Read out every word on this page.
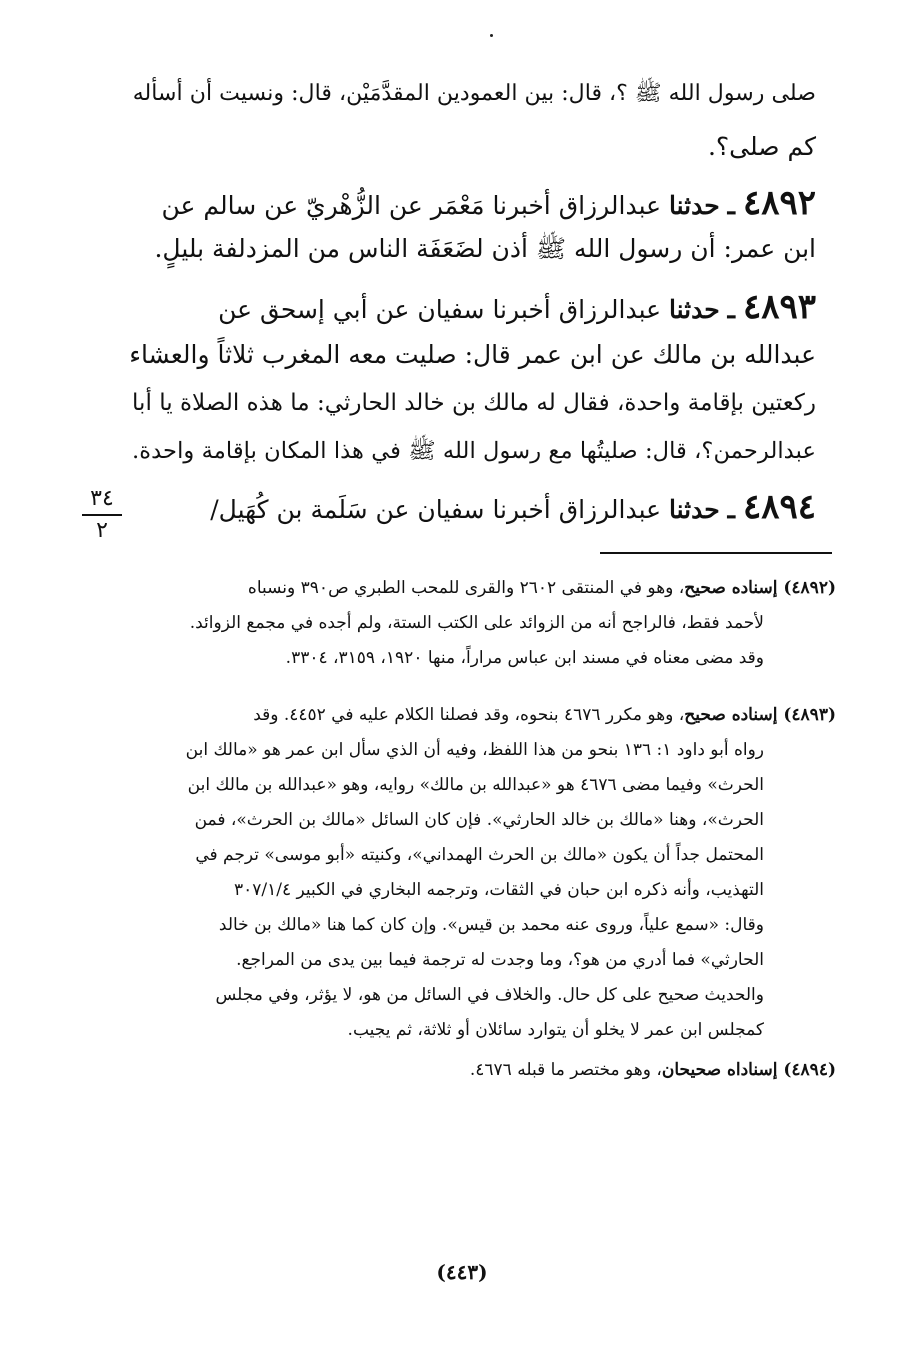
صلى رسول الله ﷺ ؟، قال: بين العمودين المقدَّمَيْن، قال: ونسيت أن أسأله
كم صلى؟.
٤٨٩٢ ـ حدثنا عبدالرزاق أخبرنا مَعْمَر عن الزُّهْريّ عن سالم عن
ابن عمر: أن رسول الله ﷺ أذن لضَعَفَة الناس من المزدلفة بليلٍ.
٤٨٩٣ ـ حدثنا عبدالرزاق أخبرنا سفيان عن أبي إسحق عن
عبدالله بن مالك عن ابن عمر قال: صليت معه المغرب ثلاثاً والعشاء
ركعتين بإقامة واحدة، فقال له مالك بن خالد الحارثي: ما هذه الصلاة يا أبا
عبدالرحمن؟، قال: صليتُها مع رسول الله ﷺ في هذا المكان بإقامة واحدة.
٤٨٩٤ ـ حدثنا عبدالرزاق أخبرنا سفيان عن سَلَمة بن كُهَيل/
٣٤
٢
(٤٨٩٢) إسناده صحيح، وهو في المنتقى ٢٦٠٢ والقرى للمحب الطبري ص٣٩٠ ونسباه
لأحمد فقط، فالراجح أنه من الزوائد على الكتب الستة، ولم أجده في مجمع الزوائد.
وقد مضى معناه في مسند ابن عباس مراراً، منها ١٩٢٠، ٣١٥٩، ٣٣٠٤.
(٤٨٩٣) إسناده صحيح، وهو مكرر ٤٦٧٦ بنحوه، وقد فصلنا الكلام عليه في ٤٤٥٢. وقد
رواه أبو داود ١: ١٣٦ بنحو من هذا اللفظ، وفيه أن الذي سأل ابن عمر هو «مالك ابن
الحرث» وفيما مضى ٤٦٧٦ هو «عبدالله بن مالك» روايه، وهو «عبدالله بن مالك ابن
الحرث»، وهنا «مالك بن خالد الحارثي». فإن كان السائل «مالك بن الحرث»، فمن
المحتمل جداً أن يكون «مالك بن الحرث الهمداني»، وكنيته «أبو موسى» ترجم في
التهذيب، وأنه ذكره ابن حبان في الثقات، وترجمه البخاري في الكبير ٣٠٧/١/٤
وقال: «سمع علياً، وروى عنه محمد بن قيس». وإن كان كما هنا «مالك بن خالد
الحارثي» فما أدري من هو؟، وما وجدت له ترجمة فيما بين يدى من المراجع.
والحديث صحيح على كل حال. والخلاف في السائل من هو، لا يؤثر، وفي مجلس
كمجلس ابن عمر لا يخلو أن يتوارد سائلان أو ثلاثة، ثم يجيب.
(٤٨٩٤) إسناداه صحيحان، وهو مختصر ما قبله ٤٦٧٦.
(٤٤٣)
